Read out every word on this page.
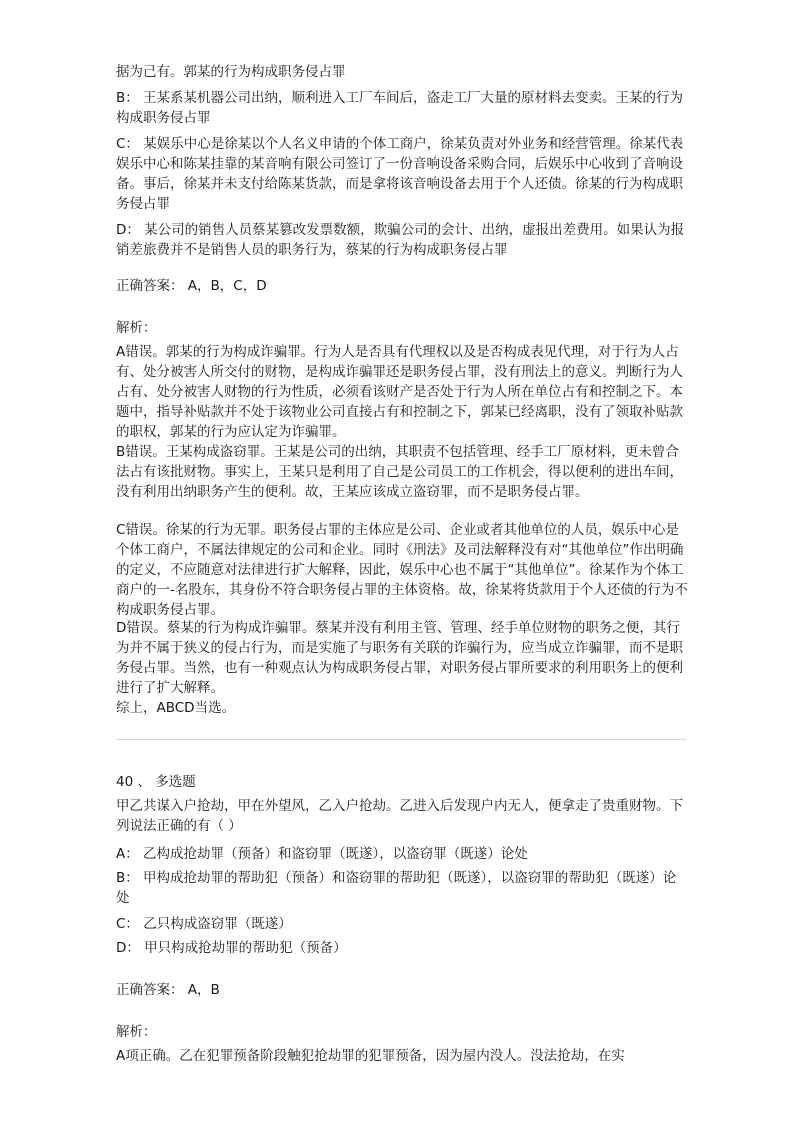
据为己有。郭某的行为构成职务侵占罪
B： 王某系某机器公司出纳，顺利进入工厂车间后，盗走工厂大量的原材料去变卖。王某的行为构成职务侵占罪
C： 某娱乐中心是徐某以个人名义申请的个体工商户，徐某负责对外业务和经营管理。徐某代表娱乐中心和陈某挂靠的某音响有限公司签订了一份音响设备采购合同，后娱乐中心收到了音响设备。事后，徐某并未支付给陈某货款，而是拿将该音响设备去用于个人还债。徐某的行为构成职务侵占罪
D： 某公司的销售人员蔡某篡改发票数额，欺骗公司的会计、出纳，虚报出差费用。如果认为报销差旅费并不是销售人员的职务行为，蔡某的行为构成职务侵占罪
正确答案： A，B，C，D
解析：
A错误。郭某的行为构成诈骗罪。行为人是否具有代理权以及是否构成表见代理，对于行为人占有、处分被害人所交付的财物，是构成诈骗罪还是职务侵占罪，没有刑法上的意义。判断行为人占有、处分被害人财物的行为性质，必须看该财产是否处于行为人所在单位占有和控制之下。本题中，指导补贴款并不处于该物业公司直接占有和控制之下，郭某已经离职，没有了领取补贴款的职权，郭某的行为应认定为诈骗罪。
B错误。王某构成盗窃罪。王某是公司的出纳，其职责不包括管理、经手工厂原材料，更未曾合法占有该批财物。事实上，王某只是利用了自己是公司员工的工作机会，得以便利的进出车间，没有利用出纳职务产生的便利。故，王某应该成立盗窃罪，而不是职务侵占罪。
C错误。徐某的行为无罪。职务侵占罪的主体应是公司、企业或者其他单位的人员，娱乐中心是个体工商户，不属法律规定的公司和企业。同时《刑法》及司法解释没有对“其他单位”作出明确的定义，不应随意对法律进行扩大解释，因此，娱乐中心也不属于“其他单位”。徐某作为个体工商户的一-名股东，其身份不符合职务侵占罪的主体资格。故，徐某将货款用于个人还债的行为不构成职务侵占罪。
D错误。蔡某的行为构成诈骗罪。蔡某并没有利用主管、管理、经手单位财物的职务之便，其行为并不属于狭义的侵占行为，而是实施了与职务有关联的诈骗行为，应当成立诈骗罪，而不是职务侵占罪。当然，也有一种观点认为构成职务侵占罪，对职务侵占罪所要求的利用职务上的便利进行了扩大解释。
综上，ABCD当选。
40 、 多选题
甲乙共谋入户抢劫，甲在外望风，乙入户抢劫。乙进入后发现户内无人，便拿走了贵重财物。下列说法正确的有（ ）
A： 乙构成抢劫罪（预备）和盗窃罪（既遂），以盗窃罪（既遂）论处
B： 甲构成抢劫罪的帮助犯（预备）和盗窃罪的帮助犯（既遂），以盗窃罪的帮助犯（既遂）论处
C： 乙只构成盗窃罪（既遂）
D： 甲只构成抢劫罪的帮助犯（预备）
正确答案： A，B
解析：
A项正确。乙在犯罪预备阶段触犯抢劫罪的犯罪预备，因为屋内没人。没法抢劫，在实
